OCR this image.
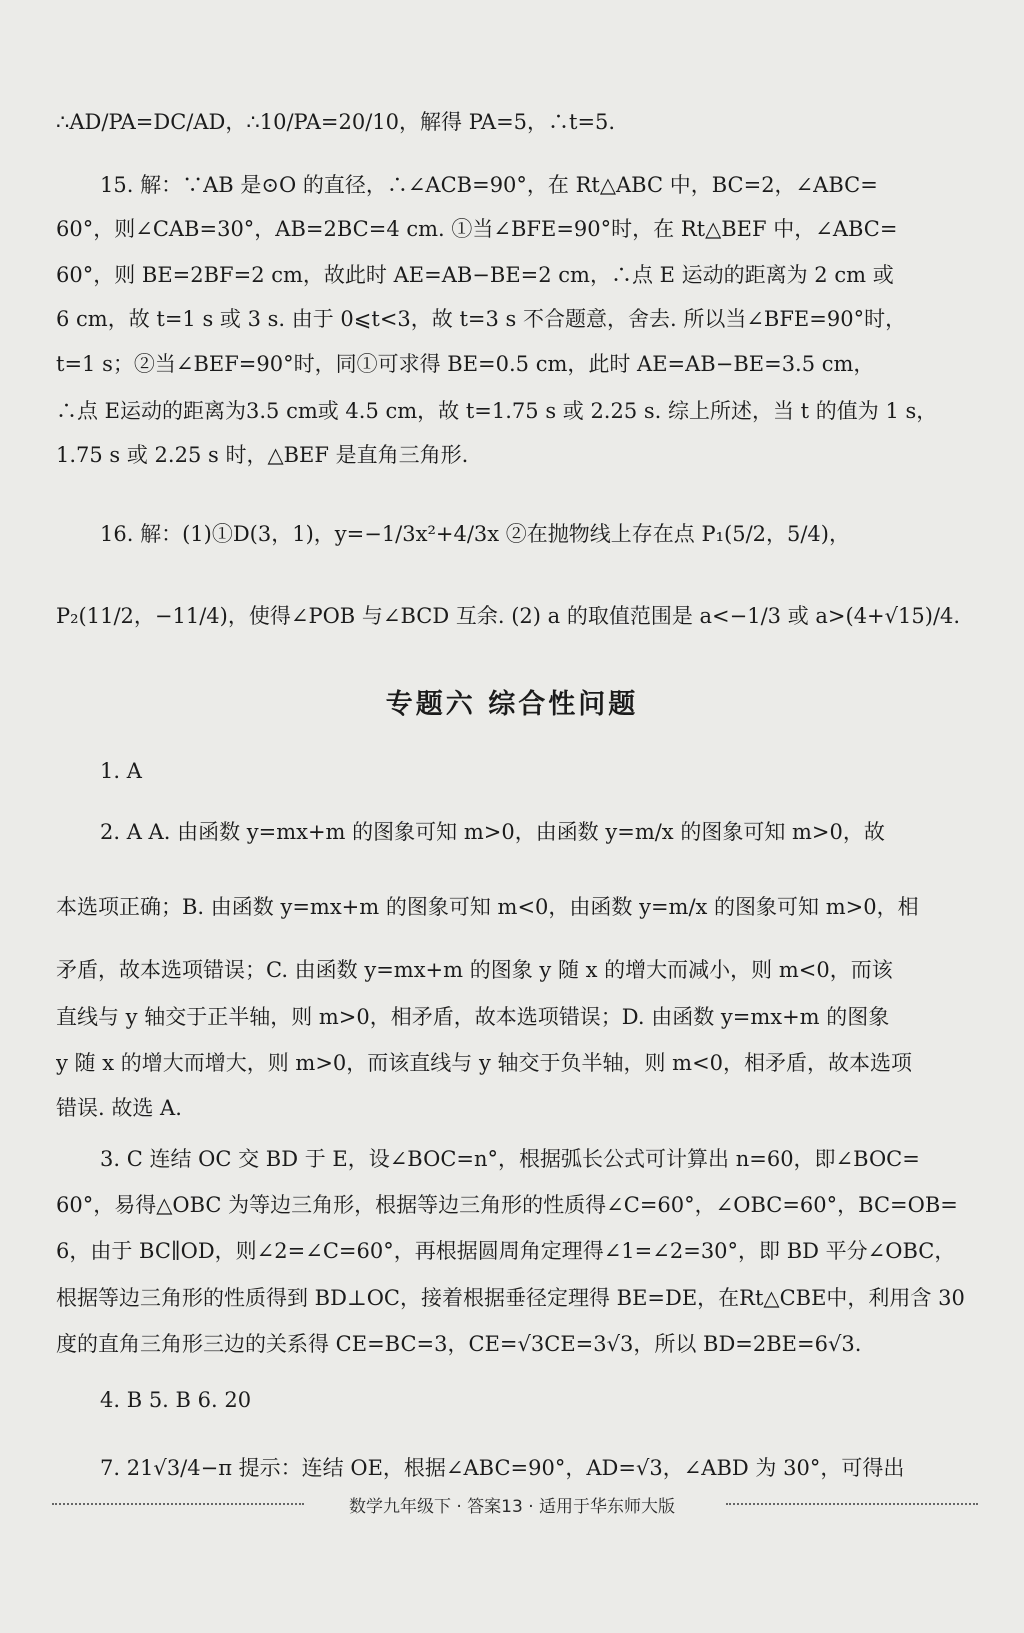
∴AD/PA=DC/AD，∴10/PA=20/10，解得 PA=5，∴t=5.
15. 解：∵AB 是⊙O 的直径，∴∠ACB=90°，在 Rt△ABC 中，BC=2，∠ABC=
60°，则∠CAB=30°，AB=2BC=4 cm. ①当∠BFE=90°时，在 Rt△BEF 中，∠ABC=
60°，则 BE=2BF=2 cm，故此时 AE=AB−BE=2 cm，∴点 E 运动的距离为 2 cm 或
6 cm，故 t=1 s 或 3 s. 由于 0⩽t<3，故 t=3 s 不合题意，舍去. 所以当∠BFE=90°时，
t=1 s；②当∠BEF=90°时，同①可求得 BE=0.5 cm，此时 AE=AB−BE=3.5 cm，
∴点 E运动的距离为3.5 cm或 4.5 cm，故 t=1.75 s 或 2.25 s. 综上所述，当 t 的值为 1 s，
1.75 s 或 2.25 s 时，△BEF 是直角三角形.
16. 解：(1)①D(3，1)，y=−1/3x²+4/3x ②在抛物线上存在点 P₁(5/2，5/4)，
P₂(11/2，−11/4)，使得∠POB 与∠BCD 互余. (2) a 的取值范围是 a<−1/3 或 a>(4+√15)/4.
专题六 综合性问题
1. A
2. A A. 由函数 y=mx+m 的图象可知 m>0，由函数 y=m/x 的图象可知 m>0，故
本选项正确；B. 由函数 y=mx+m 的图象可知 m<0，由函数 y=m/x 的图象可知 m>0，相
矛盾，故本选项错误；C. 由函数 y=mx+m 的图象 y 随 x 的增大而减小，则 m<0，而该
直线与 y 轴交于正半轴，则 m>0，相矛盾，故本选项错误；D. 由函数 y=mx+m 的图象
y 随 x 的增大而增大，则 m>0，而该直线与 y 轴交于负半轴，则 m<0，相矛盾，故本选项
错误. 故选 A.
3. C 连结 OC 交 BD 于 E，设∠BOC=n°，根据弧长公式可计算出 n=60，即∠BOC=
60°，易得△OBC 为等边三角形，根据等边三角形的性质得∠C=60°，∠OBC=60°，BC=OB=
6，由于 BC∥OD，则∠2=∠C=60°，再根据圆周角定理得∠1=∠2=30°，即 BD 平分∠OBC，
根据等边三角形的性质得到 BD⊥OC，接着根据垂径定理得 BE=DE，在Rt△CBE中，利用含 30
度的直角三角形三边的关系得 CE=BC=3，CE=√3CE=3√3，所以 BD=2BE=6√3.
4. B 5. B 6. 20
7. 21√3/4−π 提示：连结 OE，根据∠ABC=90°，AD=√3，∠ABD 为 30°，可得出
数学九年级下 · 答案13 · 适用于华东师大版
